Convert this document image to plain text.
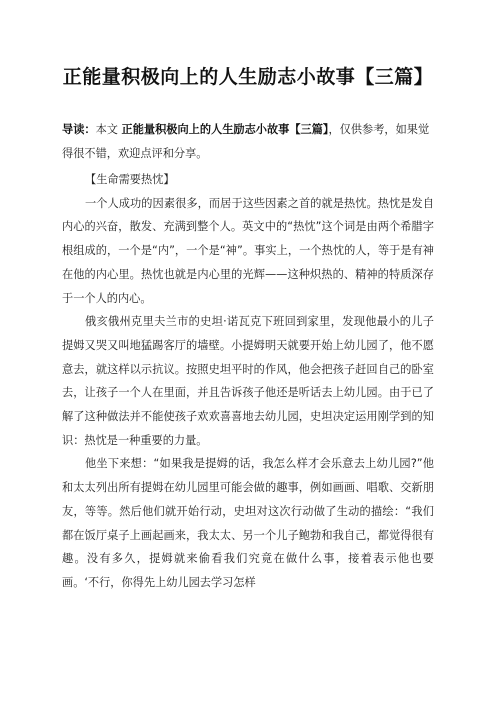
正能量积极向上的人生励志小故事【三篇】
导读：本文 正能量积极向上的人生励志小故事【三篇】，仅供参考，如果觉得很不错，欢迎点评和分享。

【生命需要热忱】

一个人成功的因素很多，而居于这些因素之首的就是热忱。热忱是发自内心的兴奋，散发、充满到整个人。英文中的“热忱”这个词是由两个希腊字根组成的，一个是“内”，一个是“神”。事实上，一个热忱的人，等于是有神在他的内心里。热忱也就是内心里的光辉——这种炽热的、精神的特质深存于一个人的内心。

俄亥俄州克里夫兰市的史坦·诺瓦克下班回到家里，发现他最小的儿子提姆又哭又叫地猛踢客厅的墙壁。小提姆明天就要开始上幼儿园了，他不愿意去，就这样以示抗议。按照史坦平时的作风，他会把孩子赶回自己的卧室去，让孩子一个人在里面，并且告诉孩子他还是听话去上幼儿园。由于已了解了这种做法并不能使孩子欢欢喜喜地去幼儿园，史坦决定运用刚学到的知识：热忱是一种重要的力量。

他坐下来想：“如果我是提姆的话，我怎么样才会乐意去上幼儿园?”他和太太列出所有提姆在幼儿园里可能会做的趣事，例如画画、唱歌、交新朋友，等等。然后他们就开始行动，史坦对这次行动做了生动的描绘：“我们都在饭厅桌子上画起画来，我太太、另一个儿子鲍勃和我自己，都觉得很有趣。没有多久，提姆就来偷看我们究竟在做什么事，接着表示他也要画。‘不行，你得先上幼儿园去学习怎样
